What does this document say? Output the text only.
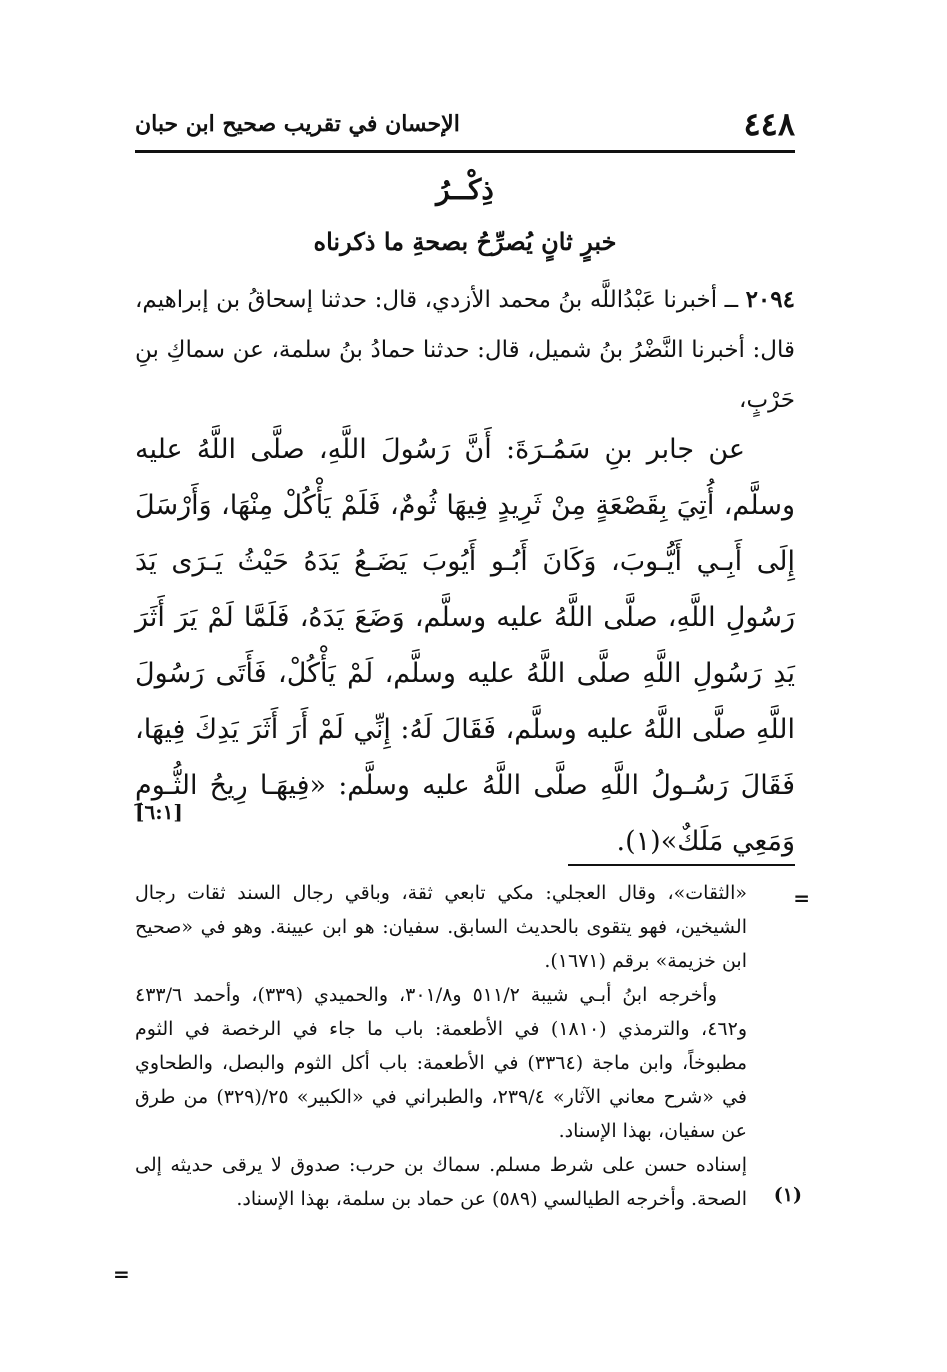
٤٤٨
الإحسان في تقريب صحيح ابن حبان
ذِكْــرُ
خبرٍ ثانٍ يُصرِّحُ بصحةِ ما ذكرناه
٢٠٩٤ ــ أخبرنا عَبْدُاللَّه بنُ محمد الأزدي، قال: حدثنا إسحاقُ بن إبراهيم، قال: أخبرنا النَّضْرُ بنُ شميل، قال: حدثنا حمادُ بنُ سلمة، عن سماكِ بنِ حَرْبٍ،

عن جابر بنِ سَمُـرَةَ: أَنَّ رَسُولَ اللَّهِ، صلَّى اللَّهُ عليه وسلَّم، أُتِيَ بِقَصْعَةٍ مِنْ ثَرِيدٍ فِيهَا ثُومٌ، فَلَمْ يَأْكُلْ مِنْهَا، وَأَرْسَلَ إِلَى أَبِـي أَيُّـوبَ، وَكَانَ أَبُـو أَيُوبَ يَضَـعُ يَدَهُ حَيْثُ يَـرَى يَدَ رَسُولِ اللَّهِ، صلَّى اللَّهُ عليه وسلَّم، وَضَعَ يَدَهُ، فَلَمَّا لَمْ يَرَ أَثَرَ يَدِ رَسُولِ اللَّهِ صلَّى اللَّهُ عليه وسلَّم، لَمْ يَأْكُلْ، فَأَتَى رَسُولَ اللَّهِ صلَّى اللَّهُ عليه وسلَّم، فَقَالَ لَهُ: إِنِّي لَمْ أَرَ أَثَرَ يَدِكَ فِيهَا، فَقَالَ رَسُـولُ اللَّهِ صلَّى اللَّهُ عليه وسلَّم: «فِيهَـا رِيحُ الثُّـومِ وَمَعِي مَلَكٌ»(١).

[٦:١]
=
(١)

«الثقات»، وقال العجلي: مكي تابعي ثقة، وباقي رجال السند ثقات رجال الشيخين، فهو يتقوى بالحديث السابق. سفيان: هو ابن عيينة. وهو في «صحيح ابن خزيمة» برقم (١٦٧١).

وأخرجه ابنُ أبـي شيبة ٥١١/٢ و٣٠١/٨، والحميدي (٣٣٩)، وأحمد ٤٣٣/٦ و٤٦٢، والترمذي (١٨١٠) في الأطعمة: باب ما جاء في الرخصة في الثوم مطبوخاً، وابن ماجة (٣٣٦٤) في الأطعمة: باب أكل الثوم والبصل، والطحاوي في «شرح معاني الآثار» ٢٣٩/٤، والطبراني في «الكبير» ٢٥/(٣٢٩) من طرق عن سفيان، بهذا الإسناد.

إسناده حسن على شرط مسلم. سماك بن حرب: صدوق لا يرقى حديثه إلى الصحة. وأخرجه الطيالسي (٥٨٩) عن حماد بن سلمة، بهذا الإسناد.

=
